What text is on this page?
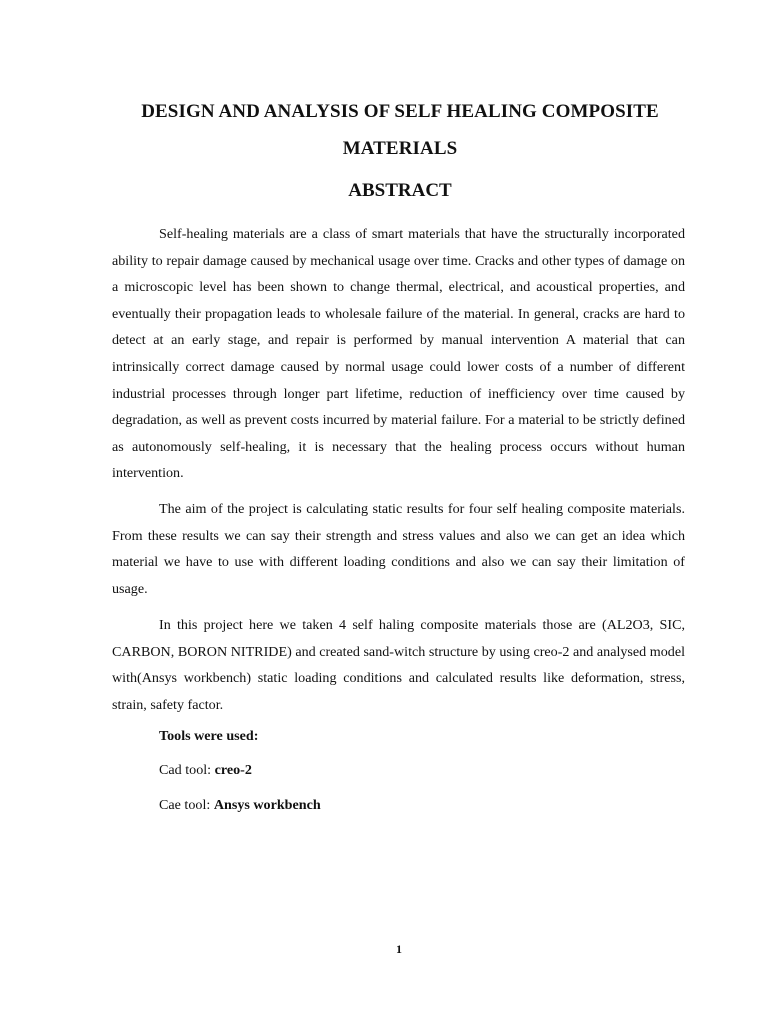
DESIGN AND ANALYSIS OF SELF HEALING COMPOSITE
MATERIALS
ABSTRACT

Self-healing materials are a class of smart materials that have the structurally incorporated ability to repair damage caused by mechanical usage over time. Cracks and other types of damage on a microscopic level has been shown to change thermal, electrical, and acoustical properties, and eventually their propagation leads to wholesale failure of the material. In general, cracks are hard to detect at an early stage, and repair is performed by manual intervention A material that can intrinsically correct damage caused by normal usage could lower costs of a number of different industrial processes through longer part lifetime, reduction of inefficiency over time caused by degradation, as well as prevent costs incurred by material failure. For a material to be strictly defined as autonomously self-healing, it is necessary that the healing process occurs without human intervention.

The aim of the project is calculating static results for four self healing composite materials. From these results we can say their strength and stress values and also we can get an idea which material we have to use with different loading conditions and also we can say their limitation of usage.

In this project here we taken 4 self haling composite materials those are (AL2O3, SIC, CARBON, BORON NITRIDE) and created sand-witch structure by using creo-2 and analysed model with(Ansys workbench) static loading conditions and calculated results like deformation, stress, strain, safety factor.

Tools were used:

Cad tool: creo-2

Cae tool: Ansys workbench

1
